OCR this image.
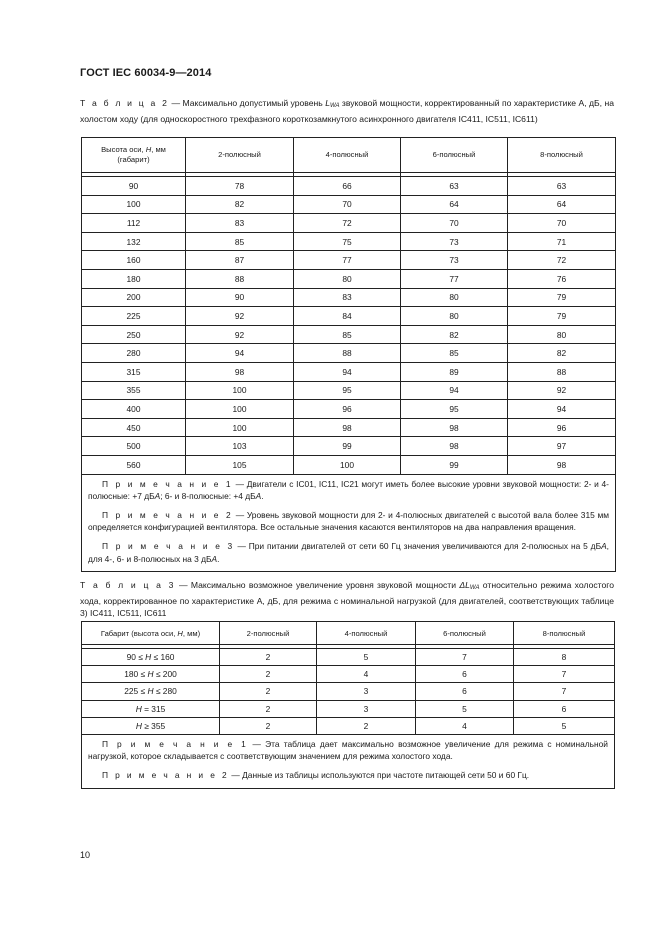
ГОСТ IEC 60034-9—2014
Т а б л и ц а 2 — Максимально допустимый уровень $L_{WA}$ звуковой мощности, корректированный по характеристике А, дБ, на холостом ходу (для односкоростного трехфазного короткозамкнутого асинхронного двигателя IC411, IC511, IC611)
Высота оси, H, мм
(габарит)	2-полюсный	4-полюсный	6-полюсный	8-полюсный

90	78	66	63	63
100	82	70	64	64
112	83	72	70	70
132	85	75	73	71
160	87	77	73	72
180	88	80	77	76
200	90	83	80	79
225	92	84	80	79
250	92	85	82	80
280	94	88	85	82
315	98	94	89	88
355	100	95	94	92
400	100	96	95	94
450	100	98	98	96
500	103	99	98	97
560	105	100	99	98

П р и м е ч а н и е 1 — Двигатели с IC01, IC11, IC21 могут иметь более высокие уровни звуковой мощности: 2- и 4-полюсные: +7 дБА; 6- и 8-полюсные: +4 дБА.

П р и м е ч а н и е 2 — Уровень звуковой мощности для 2- и 4-полюсных двигателей с высотой вала более 315 мм определяется конфигурацией вентилятора. Все остальные значения касаются вентиляторов на два направления вращения.

П р и м е ч а н и е 3 — При питании двигателей от сети 60 Гц значения увеличиваются для 2-полюсных на 5 дБА, для 4-, 6- и 8-полюсных на 3 дБА.				

Т а б л и ц а 3 — Максимально возможное увеличение уровня звуковой мощности $\Delta L_{WA}$ относительно режима холостого хода, корректированное по характеристике А, дБ, для режима с номинальной нагрузкой (для двигателей, соответствующих таблице 3) IC411, IC511, IC611
Габарит (высота оси, H, мм)	2-полюсный	4-полюсный	6-полюсный	8-полюсный

90 ≤ H ≤ 160	2	5	7	8
180 ≤ H ≤ 200	2	4	6	7
225 ≤ H ≤ 280	2	3	6	7
H = 315	2	3	5	6
H ≥ 355	2	2	4	5

П р и м е ч а н и е 1 — Эта таблица дает максимально возможное увеличение для режима с номинальной нагрузкой, которое складывается с соответствующим значением для режима холостого хода.

П р и м е ч а н и е 2 — Данные из таблицы используются при частоте питающей сети 50 и 60 Гц.				

10
